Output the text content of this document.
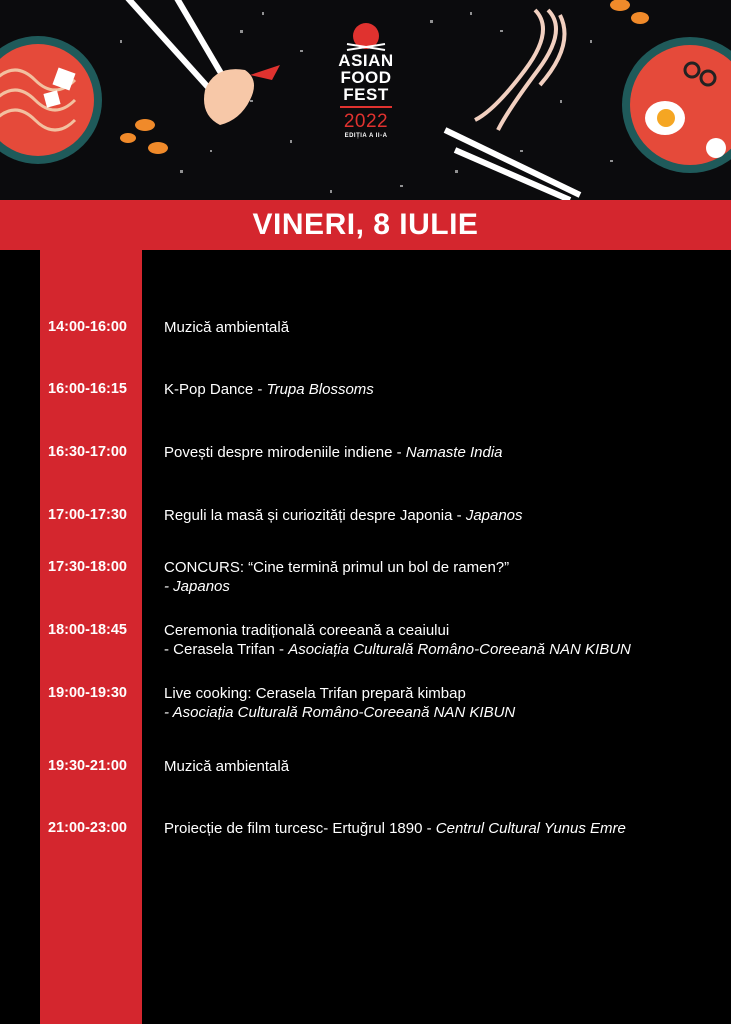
ASIAN
FOOD
FEST
2022
EDIȚIA A II-A
VINERI, 8 IULIE
14:00-16:00	Muzică ambientală
16:00-16:15	K-Pop Dance - Trupa Blossoms
16:30-17:00	Povești despre mirodeniile indiene - Namaste India
17:00-17:30	Reguli la masă și curiozități despre Japonia - Japanos
17:30-18:00	CONCURS: “Cine termină primul un bol de ramen?”
- Japanos
18:00-18:45	Ceremonia tradițională coreeană a ceaiului
- Cerasela Trifan - Asociația Culturală Româno-Coreeană NAN KIBUN
19:00-19:30	Live cooking: Cerasela Trifan prepară kimbap
- Asociația Culturală Româno-Coreeană NAN KIBUN
19:30-21:00	Muzică ambientală
21:00-23:00	Proiecție de film turcesc- Ertuğrul 1890 - Centrul Cultural Yunus Emre
